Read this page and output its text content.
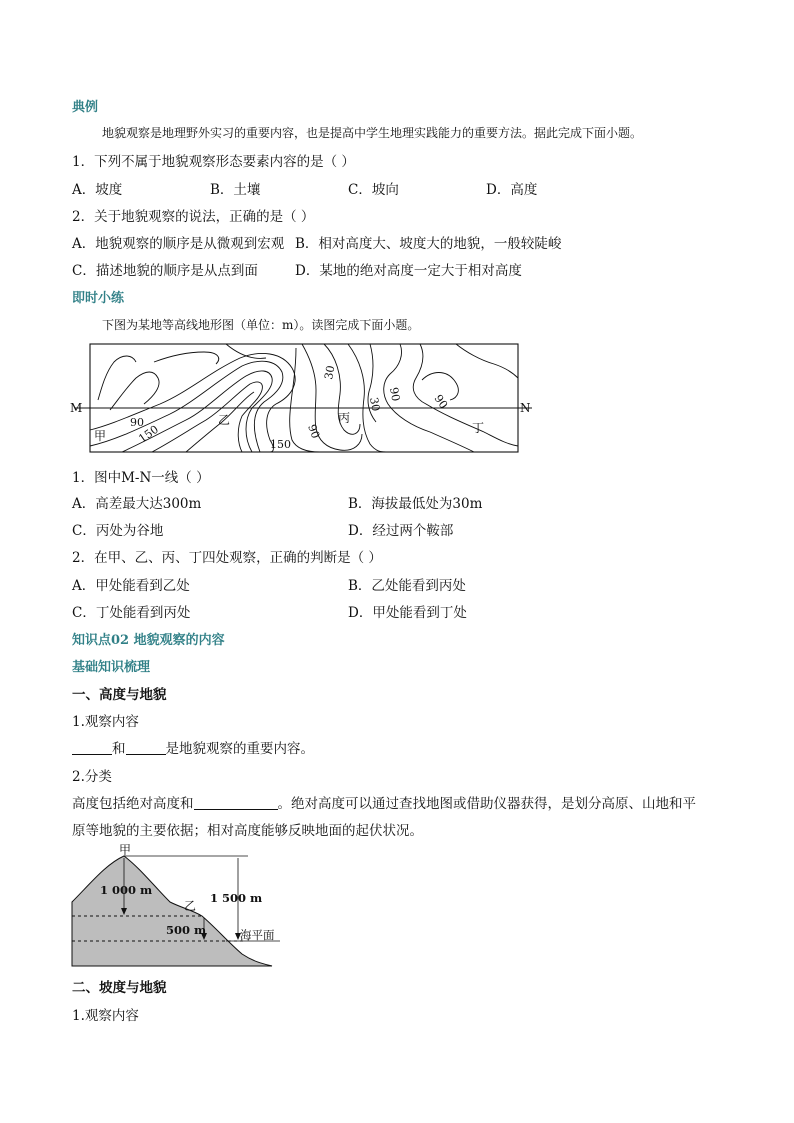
典例
地貌观察是地理野外实习的重要内容，也是提高中学生地理实践能力的重要方法。据此完成下面小题。
1．下列不属于地貌观察形态要素内容的是（ ）
A．坡度	B．土壤	C．坡向	D．高度
2．关于地貌观察的说法，正确的是（ ）
A．地貌观察的顺序是从微观到宏观 B．相对高度大、坡度大的地貌，一般较陡峻
C．描述地貌的顺序是从点到面	D．某地的绝对高度一定大于相对高度
即时小练
下图为某地等高线地形图（单位：m）。读图完成下面小题。
90
150	90
150
30
30
90	90
M	N
甲
乙	丙
丁
1．图中M-N一线（ ）
A．高差最大达300m	B．海拔最低处为30m
C．丙处为谷地	D．经过两个鞍部
2．在甲、乙、丙、丁四处观察，正确的判断是（ ）
A．甲处能看到乙处	B．乙处能看到丙处
C．丁处能看到丙处	D．甲处能看到丁处
知识点02 地貌观察的内容
基础知识梳理
一、高度与地貌
1.观察内容
和	是地貌观察的重要内容。
2.分类
高度包括绝对高度和	。绝对高度可以通过查找地图或借助仪器获得，是划分高原、山地和平
原等地貌的主要依据；相对高度能够反映地面的起伏状况。
甲
乙
1 000 m
1 500 m
500 m	海平面
二、坡度与地貌
1.观察内容
